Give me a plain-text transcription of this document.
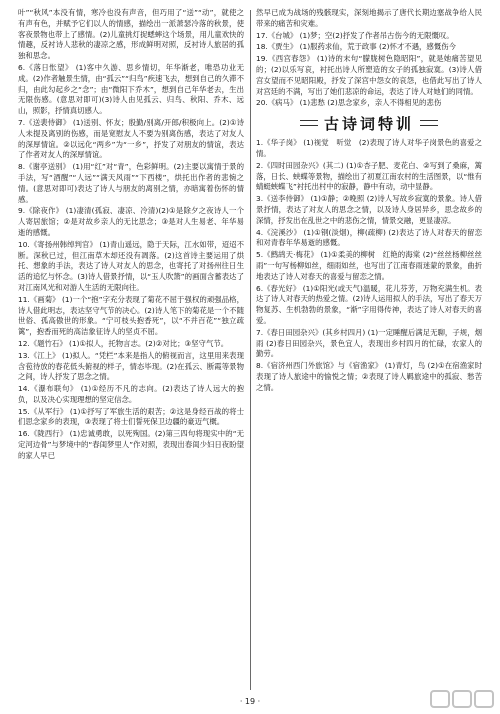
叶”“秋风”本没有情，寒冷也没有声音，但巧用了“送”“动”，就使之有声有色，并赋予它们以人的情感，描绘出一派萧瑟冷落的秋景，使客夜景物也带上了感情。(2)儿童挑灯捉蟋蟀这个场景，用儿童欢快的情趣，反衬诗人悲秋的凄凉之感，形成鲜明对照，反衬诗人旅居的孤独和思念。

6.《落日怅望》 (1)客中久游、思乡情切，年华渐老，唯恐功业无成。(2)作者触景生情，由“孤云”“归鸟”疾速飞去，想到自己的久滞不归，由此勾起乡之“念”；由“微阳下乔木”，想到自己年华老去，生出无限伤感。(意思对即可)(3)诗人由见孤云、归鸟、秋阳、乔木、远山，照影，抒情真切感人。

7.《送裴侍御》 (1)送别、怀友；殷勤/别离/开郎/积极向上。(2)①诗人未提及离别的伤感，而是宽慰友人不要为别离伤感，表达了对友人的深厚情谊。②以远化“两乡”为“一乡”，抒发了对朋友的情谊，表达了作者对友人的深厚情谊。

8.《谢亭送别》 (1)用“红”对“青”，色彩鲜明。(2)主要以寓情于景的手法，写“酒醒”“人远”“满天风雨”“下西楼”，烘托出作者的悲惋之情。(意思对即可)表达了诗人与朋友的离别之情，亦暗寓着伤怀的情感。

9.《除夜作》 (1)凄清(孤寂、凄凉、冷清)(2)①是除夕之夜诗人一个人寄居旅馆；②是对故乡亲人的无比思念；③是对人生易老、年华易逝的感慨。

10.《寄扬州韩绰判官》 (1)青山遥远，隐于天际，江水如带，迢迢不断。深秋已过，但江南草木却还没有凋落。(2)这首诗主要运用了烘托、想象的手法，表达了诗人对友人的思念，也寄托了对扬州往日生活的追忆与怀念。(3)诗人借景抒情，以“玉人吹箫”的画面含蓄表达了对江南风光和对游人生活的无限向往。

11.《画菊》 (1)一个“抱”字充分表现了菊花不屈于强权的顽强品格，诗人借此明志，表达坚守气节的决心。(2)诗人笔下的菊花是一个不随世俗、孤高傲世的形象。“宁可枝头抱香死”，以“不并百花”“独立疏篱”，抱香而死的高洁象征诗人的坚贞不屈。

12.《题竹石》 (1)①拟人，托物言志。(2)②对比；③坚守气节。

13.《江上》 (1)拟人。“凭栏”本来是指人的俯视而言，这里用来表现含苞待放的春花低头俯视的样子，情态毕现。(2)在孤云、断霞等景物之间，诗人抒发了思念之情。

14.《瀑布联句》 (1)①经历不凡的志向。(2)表达了诗人远大的抱负，以及决心实现理想的坚定信念。

15.《从军行》 (1)①抒写了军旅生活的艰苦；②这是身经百战的将士们思念家乡的表现，③表现了将士们誓死保卫边疆的豪迈气概。

16.《陇西行》 (1)忠诚勇敢，以死殉国。(2)第三四句将现实中的“无定河边骨”与梦境中的“春闺梦里人”作对照，表现出春闺少妇日夜盼望的家人早已

然早已成为战场的残骸现实，深刻地揭示了唐代长期边塞战争给人民带来的痛苦和灾难。

17.《台城》 (1)梦；空(2)抒发了作者吊古伤今的无限慨叹。

18.《贾生》 (1)服药求仙，荒于政事 (2)怀才不遇，感慨伤今

19.《西宫春怨》 (1)诗的末句“朦胧树色隐昭阳”，就是她痛苦望见的；(2)以乐写哀，衬托出诗人所塑造的女子的孤独寂寞。(3)诗人借宫女望而不见昭阳殿，抒发了深宫中怨女的哀怨，也借此写出了诗人对宫廷的不满，写出了她们悲凉的命运，表达了诗人对她们的同情。

20.《病马》 (1)悲愁 (2)思念家乡，亲人不得相见的悲伤

古诗词特训

1.《华子岗》 (1)视觉　听觉　(2)表现了诗人对华子岗景色的喜爱之情。

2.《四时田园杂兴》(其二) (1)①杏子肥、麦花白、②写到了桑麻，篱落，日长、蛱蝶等景物，描绘出了初夏江南农村的生活图景，以“惟有蜻蜓蛱蝶飞”衬托出村中的寂静，静中有动，动中显静。

3.《送李侍御》 (1)①静；②晚照 (2)诗人写故乡寂寞的景象。诗人借景抒情，表达了对友人的思念之情，以及诗人身居异乡，思念故乡的深情，抒发出在乱世之中的悲伤之情，情景交融，更显凄凉。

4.《浣溪沙》 (1)①钢(淡烟)，柳(疏柳) (2)表达了诗人对春天的留恋和对青春年华易逝的感慨。

5.《鹧鸪天·梅花》 (1)①柔美的柳树　红艳的海棠 (2)“丝丝杨柳丝丝雨”一句写杨柳如丝，细雨如丝，也写出了江南春雨迷蒙的景象，曲折地表达了诗人对春天的喜爱与留恋之情。

6.《春光好》 (1)①阳光(或天气)温暖，花儿芬芳，万物充满生机。表达了诗人对春天的热爱之情。(2)诗人运用拟人的手法，写出了春天万物复苏、生机勃勃的景象，“渐”字用得传神，表达了诗人对春天的喜爱。

7.《春日田园杂兴》(其乡村四月) (1)一定睡醒后满足无聊，子规，烟雨 (2)春日田园杂兴，景色宜人，表现出乡村四月的忙碌，农家人的勤劳。

8.《宿济州西门外旅馆》与《宿渔家》 (1)青灯，鸟 (2)①在宿渔家时表现了诗人旅途中的愉悦之情；②表现了诗人羁旅途中的孤寂、愁苦之情。

· 19 ·
